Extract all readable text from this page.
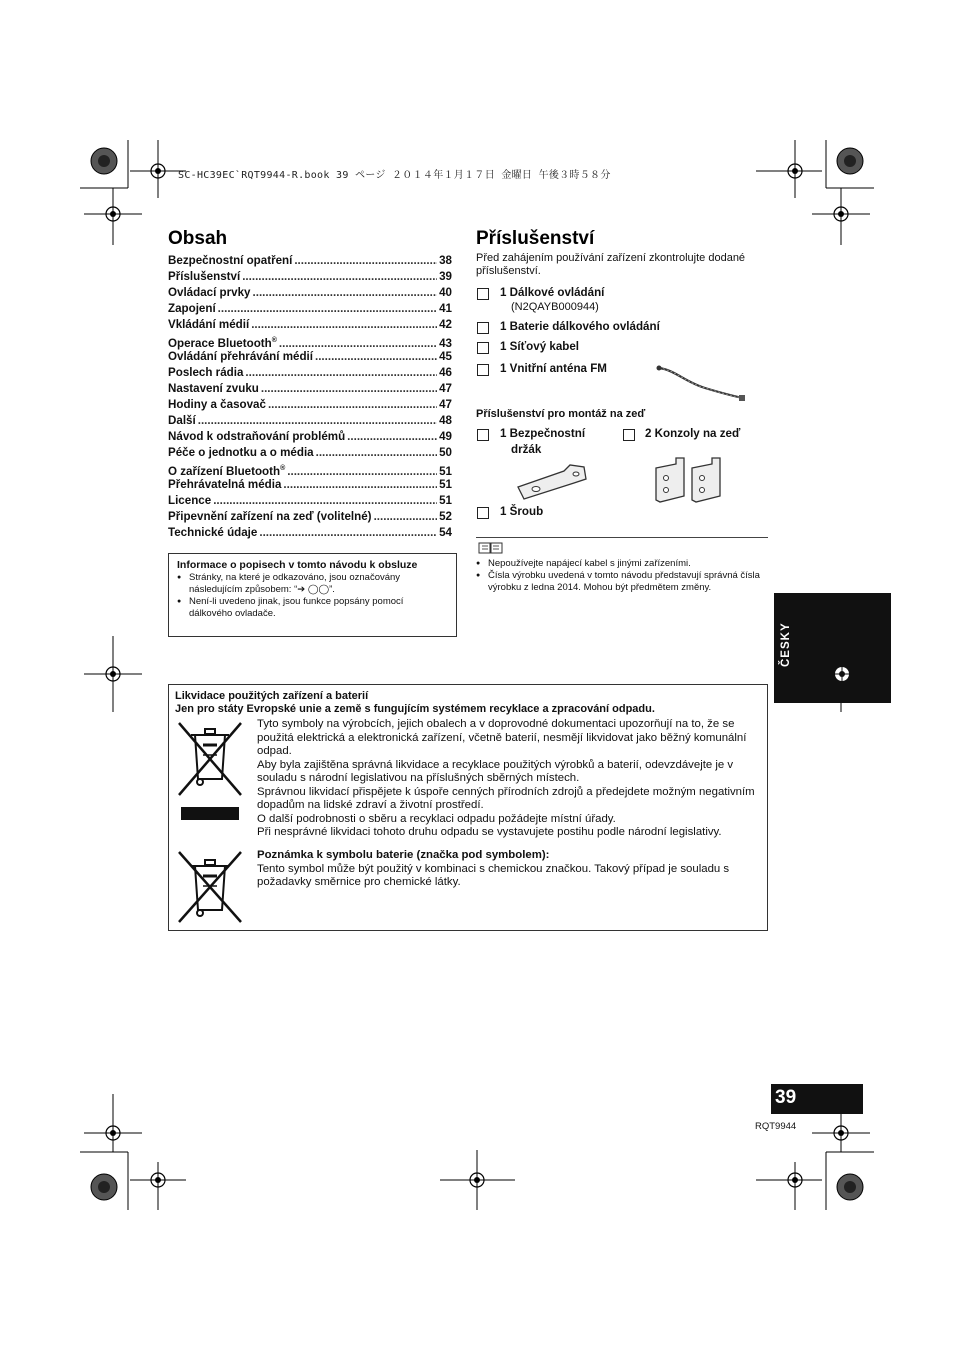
SC-HC39EC`RQT9944-R.book 39 ページ ２０１４年１月１７日 金曜日 午後３時５８分
Obsah
Bezpečnostní opatření .....	38
Příslušenství .....	39
Ovládací prvky .....	40
Zapojení .....	41
Vkládání médií .....	42
Operace Bluetooth® .....	43
Ovládání přehrávání médií .....	45
Poslech rádia .....	46
Nastavení zvuku .....	47
Hodiny a časovač .....	47
Další .....	48
Návod k odstraňování problémů .....	49
Péče o jednotku a o média .....	50
O zařízení Bluetooth® .....	51
Přehrávatelná média .....	51
Licence .....	51
Připevnění zařízení na zeď (volitelné) .....	52
Technické údaje .....	54
Informace o popisech v tomto návodu k obsluze
● Stránky, na které je odkazováno, jsou označovány následujícím způsobem: “➔ ◯◯”.
● Není-li uvedeno jinak, jsou funkce popsány pomocí dálkového ovladače.
Příslušenství
Před zahájením používání zařízení zkontrolujte dodané příslušenství.
1 Dálkové ovládání
(N2QAYB000944)
1 Baterie dálkového ovládání
1 Síťový kabel
1 Vnitřní anténa FM
Příslušenství pro montáž na zeď
1 Bezpečnostní
držák
2 Konzoly na zeď
1 Šroub
● Nepoužívejte napájecí kabel s jinými zařízeními.
● Čísla výrobku uvedená v tomto návodu představují správná čísla výrobku z ledna 2014. Mohou být předmětem změny.
ČESKY
Likvidace použitých zařízení a baterií
Jen pro státy Evropské unie a země s fungujícím systémem recyklace a zpracování odpadu.
Tyto symboly na výrobcích, jejich obalech a v doprovodné dokumentaci upozorňují na to, že se použitá elektrická a elektronická zařízení, včetně baterií, nesmějí likvidovat jako běžný komunální odpad.
Aby byla zajištěna správná likvidace a recyklace použitých výrobků a baterií, odevzdávejte je v souladu s národní legislativou na příslušných sběrných místech.
Správnou likvidací přispějete k úspoře cenných přírodních zdrojů a předejdete možným negativním dopadům na lidské zdraví a životní prostředí.
O další podrobnosti o sběru a recyklaci odpadu požádejte místní úřady.
Při nesprávné likvidaci tohoto druhu odpadu se vystavujete postihu podle národní legislativy.
Poznámka k symbolu baterie (značka pod symbolem):
Tento symbol může být použitý v kombinaci s chemickou značkou. Takový případ je souladu s požadavky směrnice pro chemické látky.
39
RQT9944
